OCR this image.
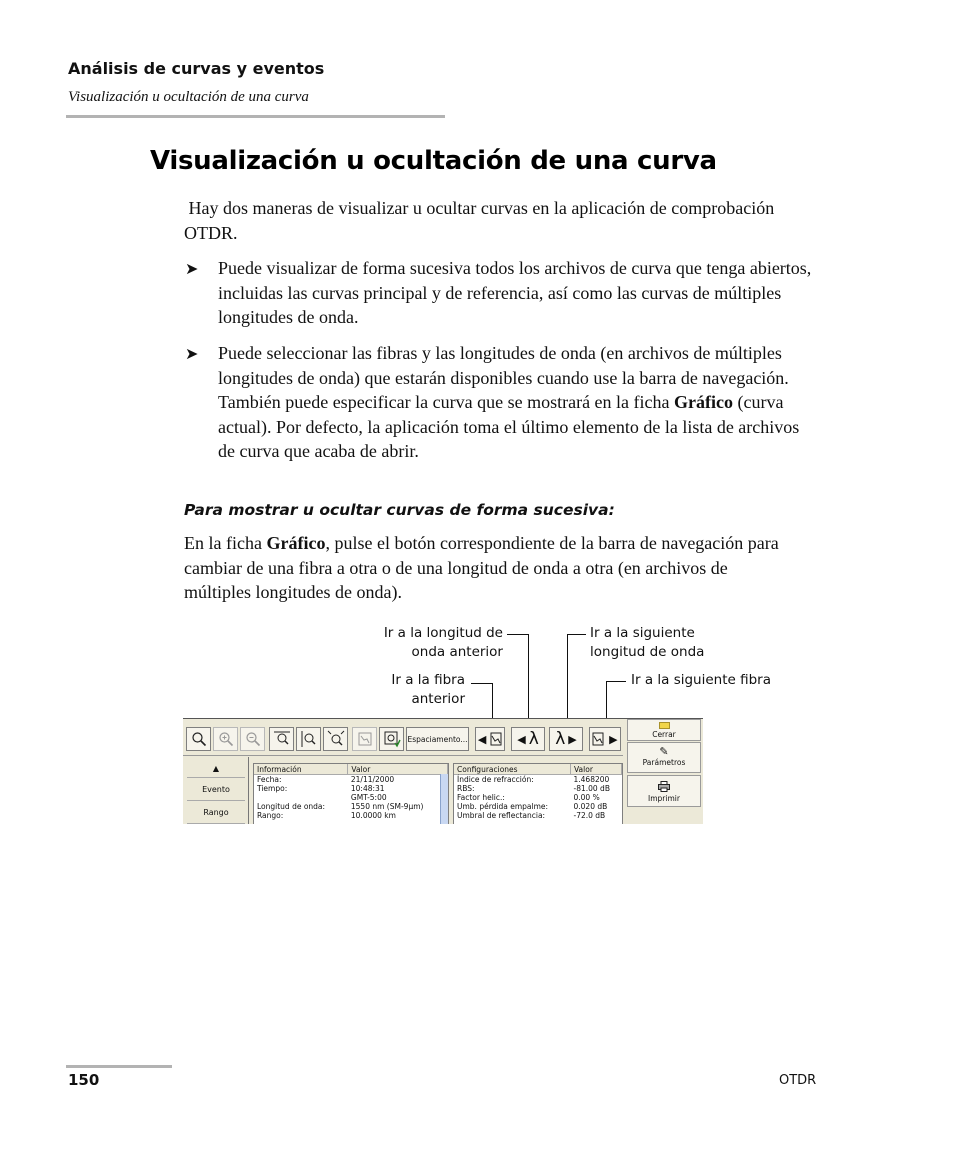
Análisis de curvas y eventos
Visualización u ocultación de una curva
Visualización u ocultación de una curva
Hay dos maneras de visualizar u ocultar curvas en la aplicación de comprobación OTDR.
➤ Puede visualizar de forma sucesiva todos los archivos de curva que tenga abiertos, incluidas las curvas principal y de referencia, así como las curvas de múltiples longitudes de onda.
➤ Puede seleccionar las fibras y las longitudes de onda (en archivos de múltiples longitudes de onda) que estarán disponibles cuando use la barra de navegación. También puede especificar la curva que se mostrará en la ficha Gráfico (curva actual). Por defecto, la aplicación toma el último elemento de la lista de archivos de curva que acaba de abrir.
Para mostrar u ocultar curvas de forma sucesiva:
En la ficha Gráfico, pulse el botón correspondiente de la barra de navegación para cambiar de una fibra a otra o de una longitud de onda a otra (en archivos de múltiples longitudes de onda).
Ir a la longitud de
onda anterior
Ir a la fibra
anterior
Ir a la siguiente
longitud de onda
Ir a la siguiente fibra
Espaciamento... ◀	◀ λ λ ▶	▶
▲
Evento
Rango
Información	Valor
Fecha:	21/11/2000
Tiempo:	10:48:31
	GMT-5:00
Longitud de onda:	1550 nm (SM-9µm)
Rango:	10.0000 km
Configuraciones	Valor
Índice de refracción:	1.468200
RBS:	-81.00 dB
Factor helic.:	0.00 %
Umb. pérdida empalme:	0.020 dB
Umbral de reflectancia:	-72.0 dB
Cerrar
✎
Parámetros
Imprimir
150	OTDR
